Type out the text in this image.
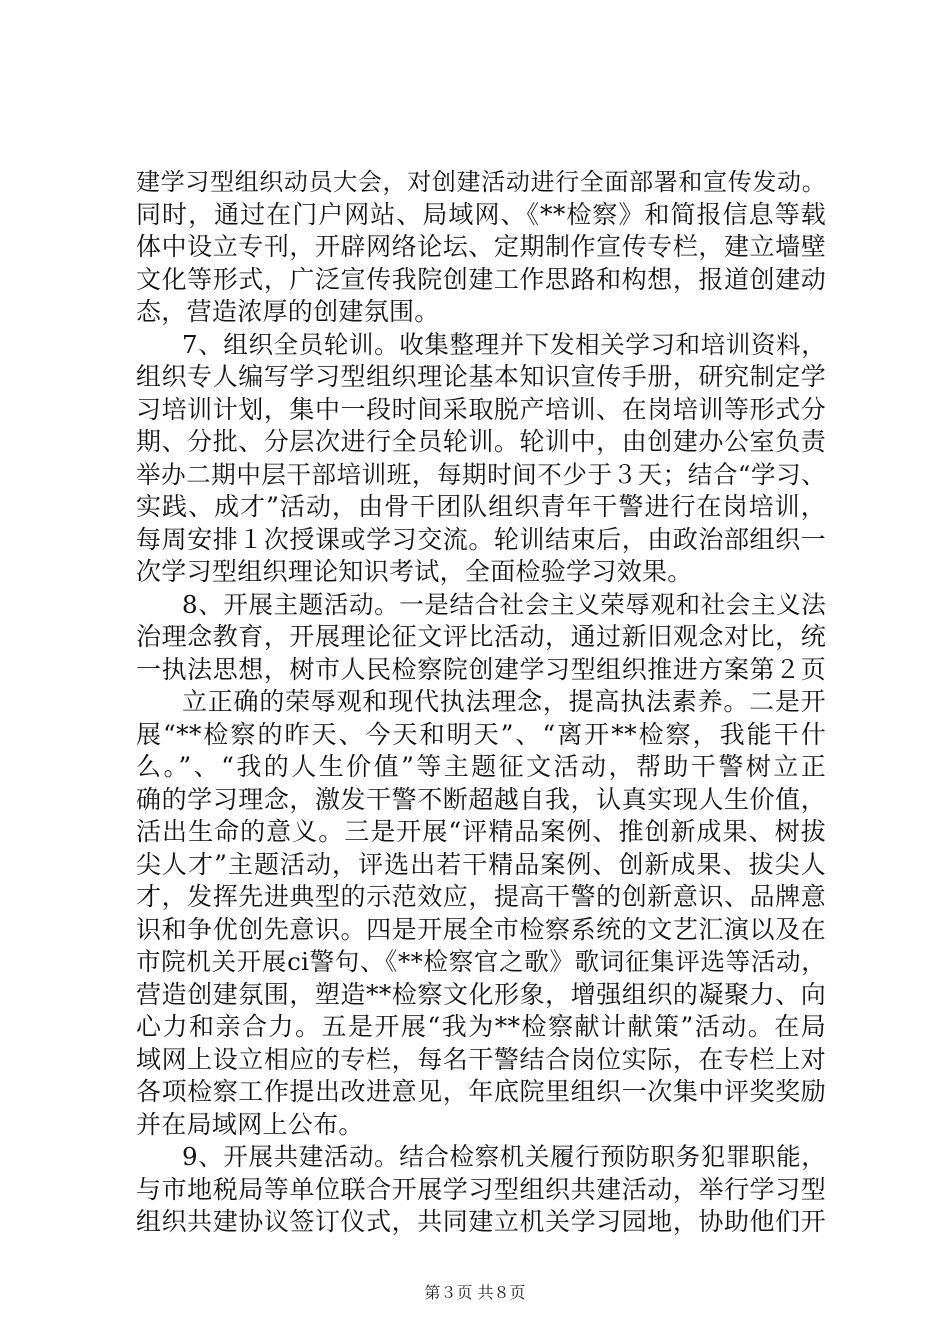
建学习型组织动员大会，对创建活动进行全面部署和宣传发动。
同时，通过在门户网站、局域网、《**检察》和简报信息等载
体中设立专刊，开辟网络论坛、定期制作宣传专栏，建立墙壁
文化等形式，广泛宣传我院创建工作思路和构想，报道创建动
态，营造浓厚的创建氛围。
7、组织全员轮训。收集整理并下发相关学习和培训资料，
组织专人编写学习型组织理论基本知识宣传手册，研究制定学
习培训计划，集中一段时间采取脱产培训、在岗培训等形式分
期、分批、分层次进行全员轮训。轮训中，由创建办公室负责
举办二期中层干部培训班，每期时间不少于３天；结合“学习、
实践、成才”活动，由骨干团队组织青年干警进行在岗培训，
每周安排１次授课或学习交流。轮训结束后，由政治部组织一
次学习型组织理论知识考试，全面检验学习效果。
8、开展主题活动。一是结合社会主义荣辱观和社会主义法
治理念教育，开展理论征文评比活动，通过新旧观念对比，统
一执法思想，树市人民检察院创建学习型组织推进方案第２页
立正确的荣辱观和现代执法理念，提高执法素养。二是开
展“**检察的昨天、今天和明天”、“离开**检察，我能干什
么。”、“我的人生价值”等主题征文活动，帮助干警树立正
确的学习理念，激发干警不断超越自我，认真实现人生价值，
活出生命的意义。三是开展“评精品案例、推创新成果、树拔
尖人才”主题活动，评选出若干精品案例、创新成果、拔尖人
才，发挥先进典型的示范效应，提高干警的创新意识、品牌意
识和争优创先意识。四是开展全市检察系统的文艺汇演以及在
市院机关开展ci警句、《**检察官之歌》歌词征集评选等活动，
营造创建氛围，塑造**检察文化形象，增强组织的凝聚力、向
心力和亲合力。五是开展“我为**检察献计献策”活动。在局
域网上设立相应的专栏，每名干警结合岗位实际，在专栏上对
各项检察工作提出改进意见，年底院里组织一次集中评奖奖励
并在局域网上公布。
9、开展共建活动。结合检察机关履行预防职务犯罪职能，
与市地税局等单位联合开展学习型组织共建活动，举行学习型
组织共建协议签订仪式，共同建立机关学习园地，协助他们开
第３页 共８页
